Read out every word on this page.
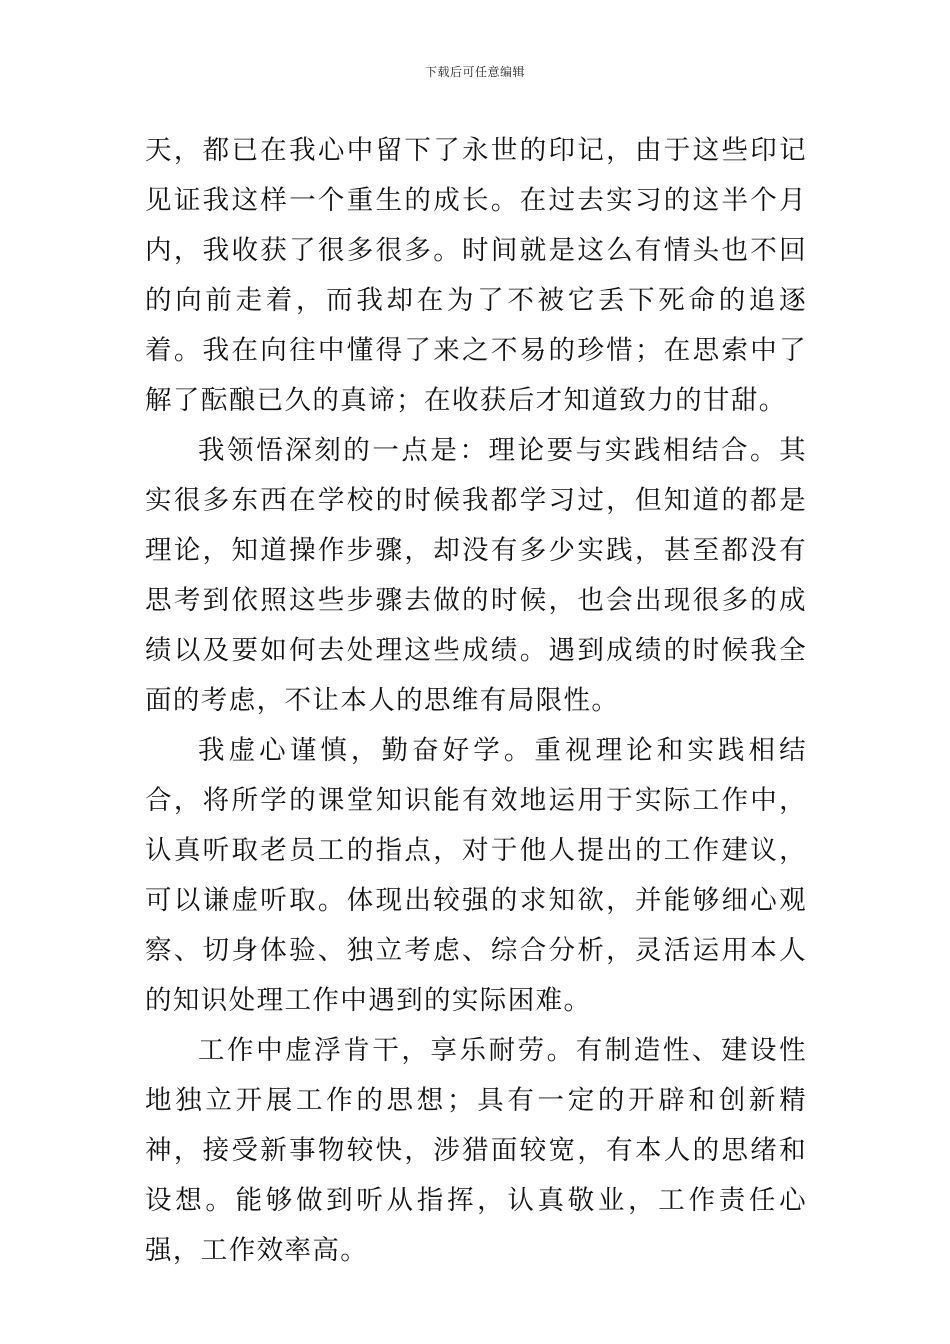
下载后可任意编辑

天，都已在我心中留下了永世的印记，由于这些印记见证我这样一个重生的成长。在过去实习的这半个月内，我收获了很多很多。时间就是这么有情头也不回的向前走着，而我却在为了不被它丢下死命的追逐着。我在向往中懂得了来之不易的珍惜；在思索中了解了酝酿已久的真谛；在收获后才知道致力的甘甜。

我领悟深刻的一点是：理论要与实践相结合。其实很多东西在学校的时候我都学习过，但知道的都是理论，知道操作步骤，却没有多少实践，甚至都没有思考到依照这些步骤去做的时候，也会出现很多的成绩以及要如何去处理这些成绩。遇到成绩的时候我全面的考虑，不让本人的思维有局限性。

我虚心谨慎，勤奋好学。重视理论和实践相结合，将所学的课堂知识能有效地运用于实际工作中，认真听取老员工的指点，对于他人提出的工作建议，可以谦虚听取。体现出较强的求知欲，并能够细心观察、切身体验、独立考虑、综合分析，灵活运用本人的知识处理工作中遇到的实际困难。

工作中虚浮肯干，享乐耐劳。有制造性、建设性地独立开展工作的思想；具有一定的开辟和创新精神，接受新事物较快，涉猎面较宽，有本人的思绪和设想。能够做到听从指挥，认真敬业，工作责任心强，工作效率高。
